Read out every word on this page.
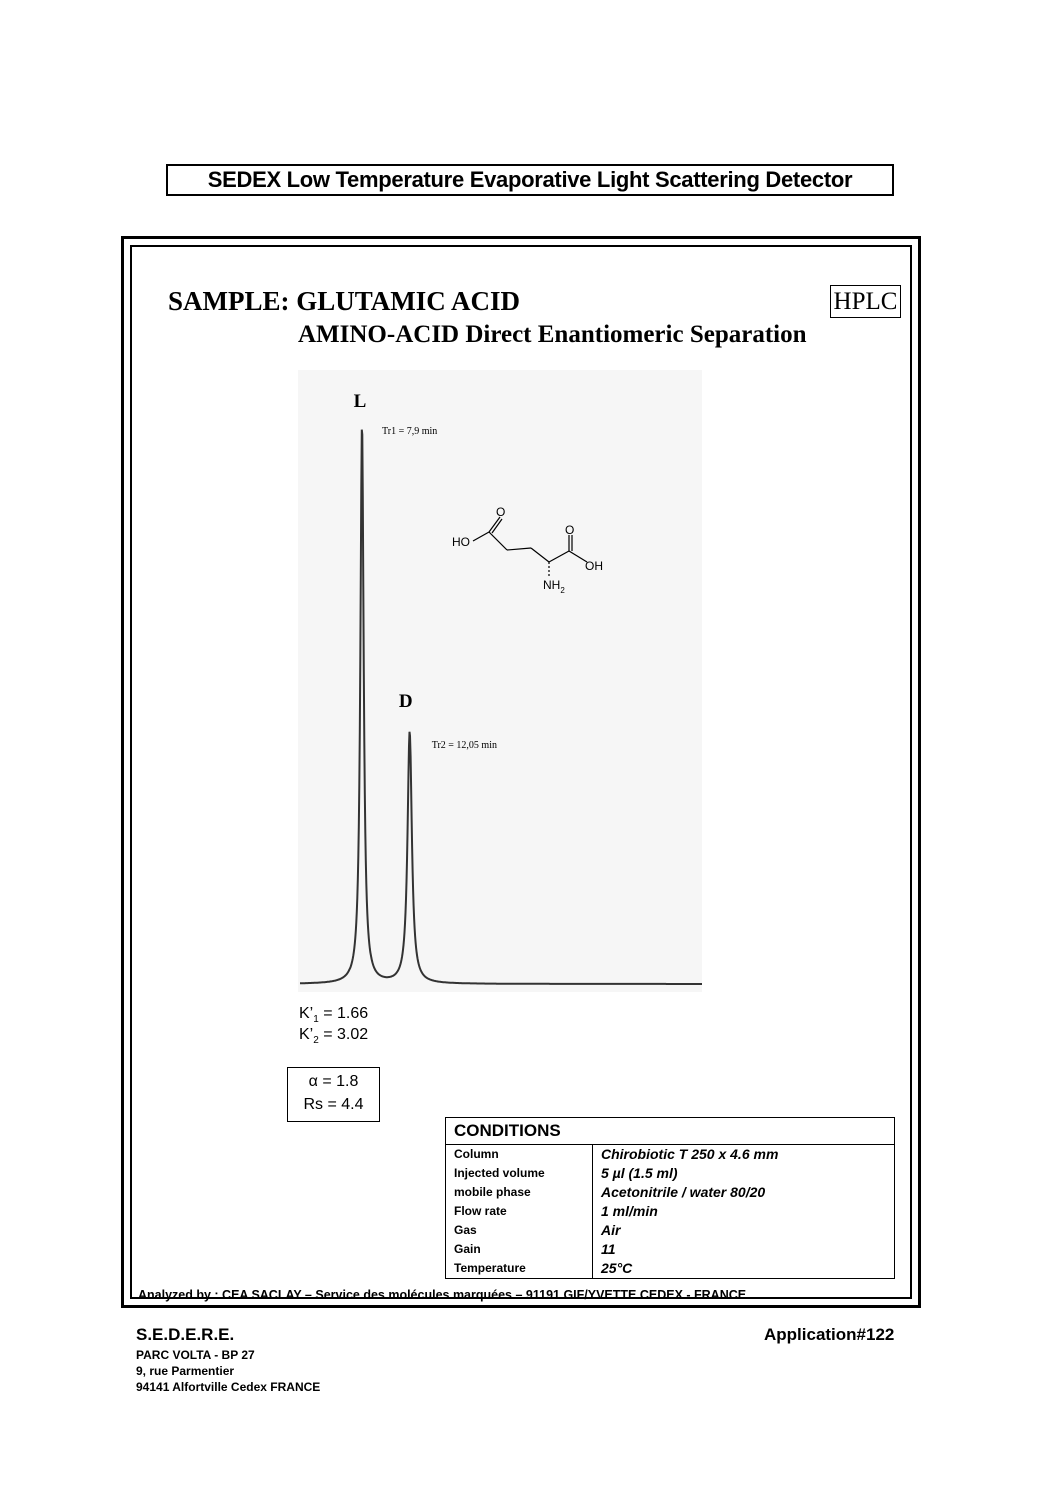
SEDEX Low Temperature Evaporative Light Scattering Detector
SAMPLE: GLUTAMIC ACID
AMINO-ACID Direct Enantiomeric Separation
HPLC
L
Tr1 = 7,9 min
D
Tr2 = 12,05 min
HO
O
O
OH
$NH_2$
$K’_1 = 1.66$
$K’_2 = 3.02$
α = 1.8
Rs = 4.4
CONDITIONS	
Column	Chirobiotic T 250 x 4.6 mm
Injected volume	5 µl (1.5 ml)
mobile phase	Acetonitrile / water 80/20
Flow rate	1 ml/min
Gas	Air
Gain	11
Temperature	25°C
Analyzed by : CEA SACLAY – Service des molécules marquées – 91191 GIF/YVETTE CEDEX - FRANCE
S.E.D.E.R.E.	Application#122
PARC VOLTA - BP 27
9, rue Parmentier
94141 Alfortville Cedex FRANCE
